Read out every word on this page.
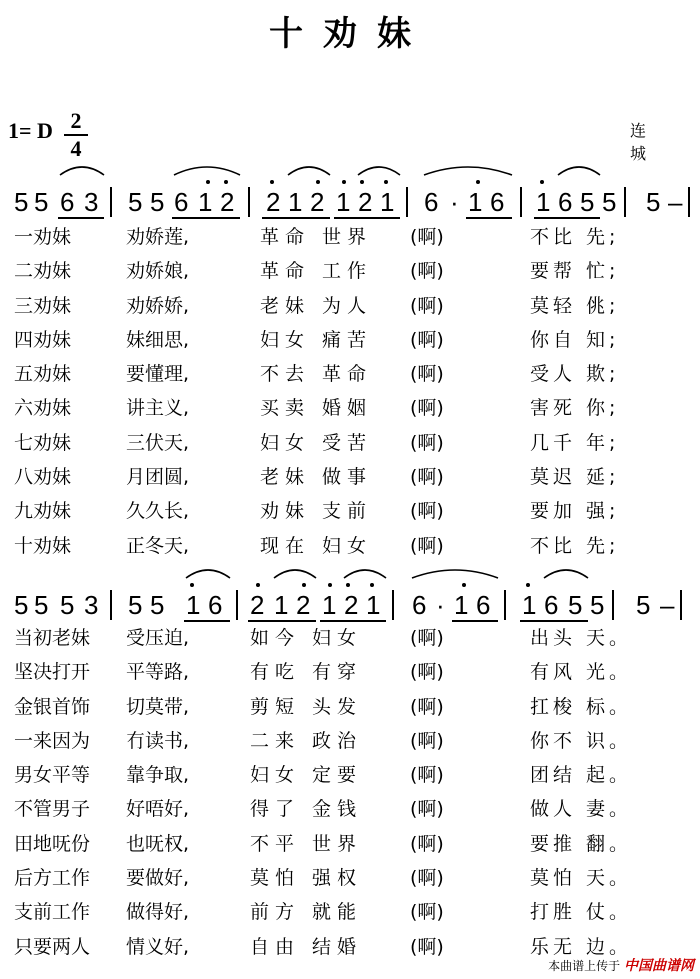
十劝妹
1= D 2
4
连城
5 5 6 3 5 5 6 1 2 2 1 2 1 2 1 6 · 1 6 1 6 5 5 5 –
一劝妹	劝娇莲,	革命 世界 (啊)	不比 先;
二劝妹	劝娇娘,	革命 工作 (啊)	要帮 忙;
三劝妹	劝娇娇,	老妹 为人 (啊)	莫轻 佻;
四劝妹	妹细思,	妇女 痛苦 (啊)	你自 知;
五劝妹	要懂理,	不去 革命 (啊)	受人 欺;
六劝妹	讲主义,	买卖 婚姻 (啊)	害死 你;
七劝妹	三伏天,	妇女 受苦 (啊)	几千 年;
八劝妹	月团圆,	老妹 做事 (啊)	莫迟 延;
九劝妹	久久长,	劝妹 支前 (啊)	要加 强;
十劝妹	正冬天,	现在 妇女 (啊)	不比 先;
5 5 5 3 5 5 1 6 2 1 2 1 2 1 6 · 1 6 1 6 5 5 5 –
当初老妹 受压迫,	如今 妇女	(啊)	出头 天。
坚决打开 平等路,	有吃 有穿	(啊)	有风 光。
金银首饰 切莫带,	剪短 头发	(啊)	扛梭 标。
一来因为 冇读书,	二来 政治	(啊)	你不 识。
男女平等 靠争取,	妇女 定要	(啊)	团结 起。
不管男子 好唔好,	得了 金钱	(啊)	做人 妻。
田地呒份 也呒权,	不平 世界	(啊)	要推 翻。
后方工作 要做好,	莫怕 强权	(啊)	莫怕 天。
支前工作 做得好,	前方 就能	(啊)	打胜 仗。
只要两人 情义好,	自由 结婚	(啊)	乐无 边。
本曲谱上传于 中国曲谱网
